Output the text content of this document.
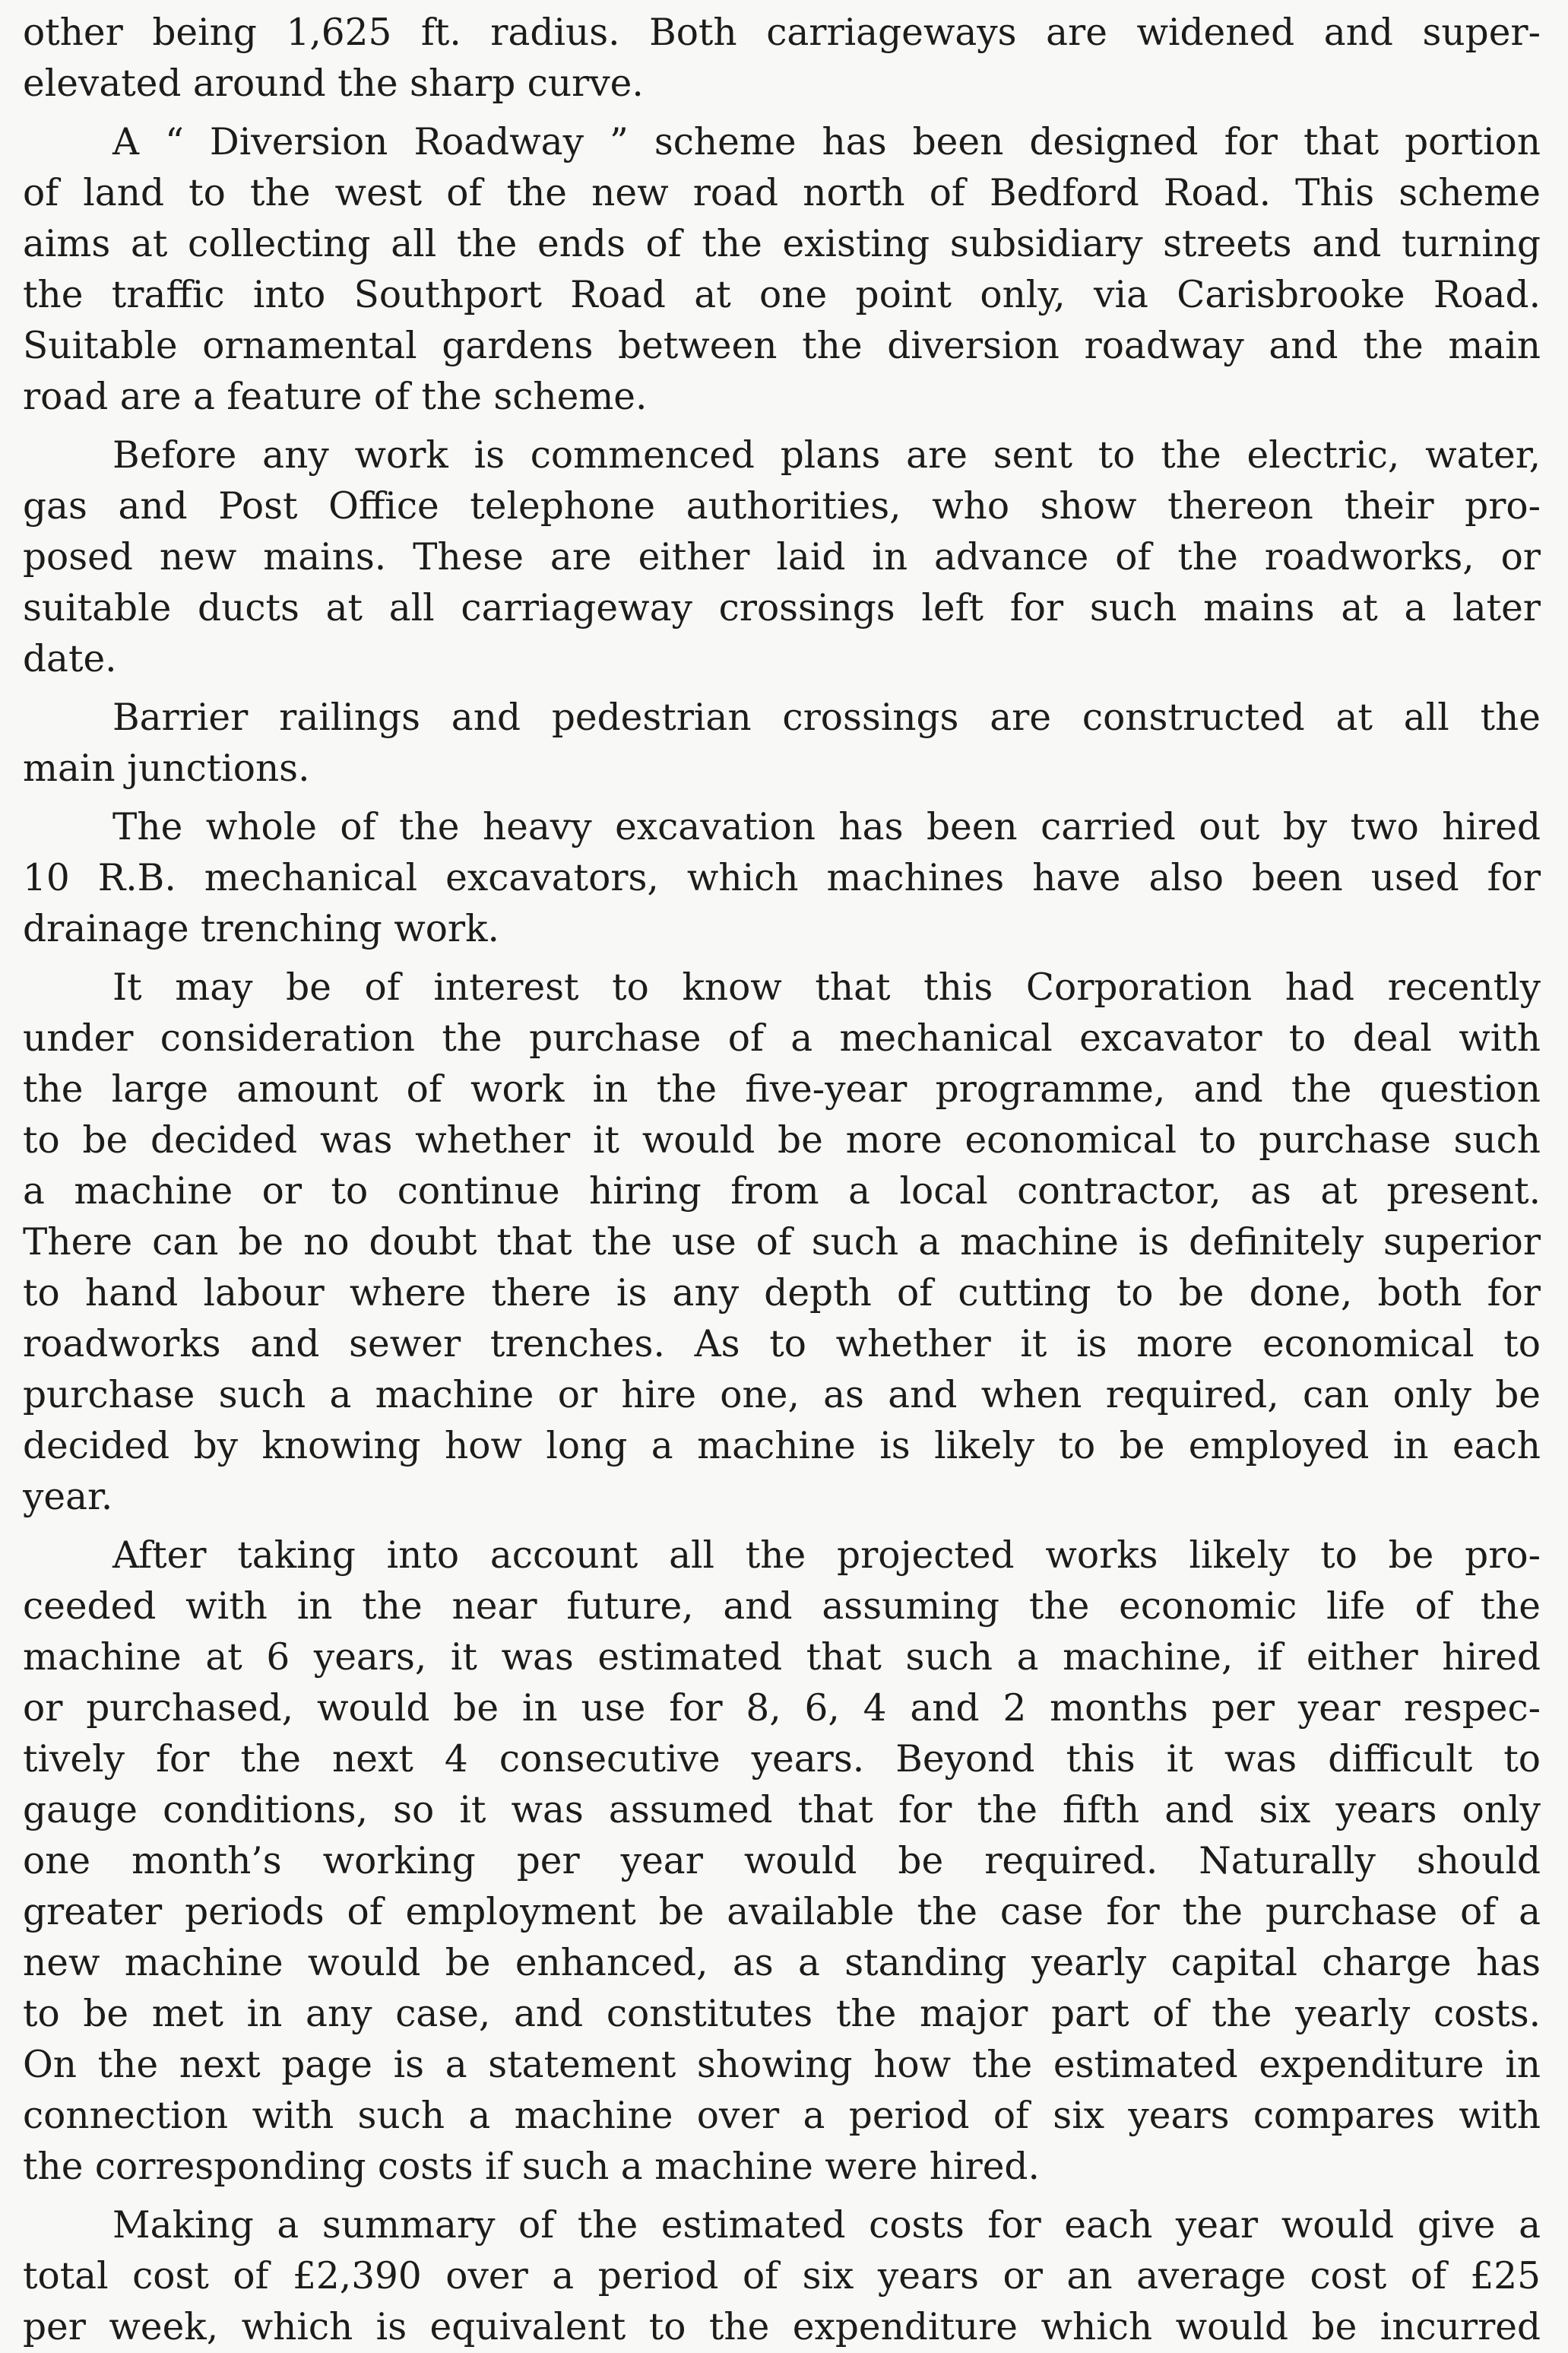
other being 1,625 ft. radius. Both carriageways are widened and super-
elevated around the sharp curve.
A “ Diversion Roadway ” scheme has been designed for that portion
of land to the west of the new road north of Bedford Road. This scheme
aims at collecting all the ends of the existing subsidiary streets and turning
the traffic into Southport Road at one point only, via Carisbrooke Road.
Suitable ornamental gardens between the diversion roadway and the main
road are a feature of the scheme.
Before any work is commenced plans are sent to the electric, water,
gas and Post Office telephone authorities, who show thereon their pro-
posed new mains. These are either laid in advance of the roadworks, or
suitable ducts at all carriageway crossings left for such mains at a later
date.
Barrier railings and pedestrian crossings are constructed at all the
main junctions.
The whole of the heavy excavation has been carried out by two hired
10 R.B. mechanical excavators, which machines have also been used for
drainage trenching work.
It may be of interest to know that this Corporation had recently
under consideration the purchase of a mechanical excavator to deal with
the large amount of work in the five-year programme, and the question
to be decided was whether it would be more economical to purchase such
a machine or to continue hiring from a local contractor, as at present.
There can be no doubt that the use of such a machine is definitely superior
to hand labour where there is any depth of cutting to be done, both for
roadworks and sewer trenches. As to whether it is more economical to
purchase such a machine or hire one, as and when required, can only be
decided by knowing how long a machine is likely to be employed in each
year.
After taking into account all the projected works likely to be pro-
ceeded with in the near future, and assuming the economic life of the
machine at 6 years, it was estimated that such a machine, if either hired
or purchased, would be in use for 8, 6, 4 and 2 months per year respec-
tively for the next 4 consecutive years. Beyond this it was difficult to
gauge conditions, so it was assumed that for the fifth and six years only
one month’s working per year would be required. Naturally should
greater periods of employment be available the case for the purchase of a
new machine would be enhanced, as a standing yearly capital charge has
to be met in any case, and constitutes the major part of the yearly costs.
On the next page is a statement showing how the estimated expenditure in
connection with such a machine over a period of six years compares with
the corresponding costs if such a machine were hired.
Making a summary of the estimated costs for each year would give a
total cost of £2,390 over a period of six years or an average cost of £25
per week, which is equivalent to the expenditure which would be incurred
